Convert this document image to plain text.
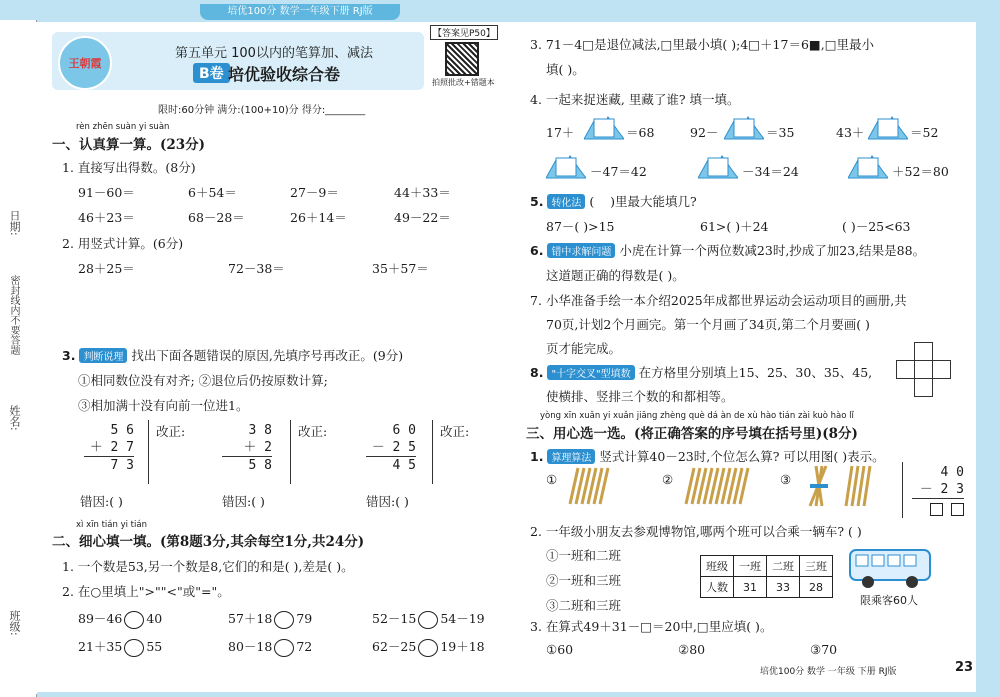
培优100分 数学一年级下册 RJ版
日期:
密封线内不要答题
姓名:
班级:
王朝霞
第五单元 100以内的笔算加、减法
B卷 培优验收综合卷
【答案见P50】
拍照批改+错题本
限时:60分钟 满分:(100+10)分 得分:________
rèn zhēn suàn yi suàn
一、认真算一算。(23分)
1. 直接写出得数。(8分)
91－60＝	6＋54＝	27－9＝	44＋33＝
46＋23＝	68－28＝	26＋14＝	49－22＝
2. 用竖式计算。(6分)
28＋25＝	72－38＝	35＋57＝
3. 判断说理 找出下面各题错误的原因,先填序号再改正。(9分)
①相同数位没有对齐; ②退位后仍按原数计算;
③相加满十没有向前一位进1。
5 6
＋ 2 7
7 3
改正:	3 8
＋ 2
5 8
改正:	6 0
－ 2 5
4 5
改正:
错因:( )	错因:( )	错因:( )
xì xīn tián yi tián
二、细心填一填。(第8题3分,其余每空1分,共24分)
1. 一个数是53,另一个数是8,它们的和是( ),差是( )。
2. 在○里填上">""<"或"="。
89－46 40	57＋18 79	52－15 54－19
21＋35 55	80－18 72	62－25 19＋18
3. 71－4□是退位减法,□里最小填( );4□＋17＝6■,□里最小
填( )。
4. 一起来捉迷藏, 里藏了谁? 填一填。
17＋	＝68	92－	＝35	43＋	＝52
－47＝42	－34＝24	＋52＝80
5. 转化法 (    )里最大能填几?
87－( )>15	61>( )＋24	( )－25<63
6. 错中求解问题 小虎在计算一个两位数减23时,抄成了加23,结果是88。
这道题正确的得数是( )。
7. 小华准备手绘一本介绍2025年成都世界运动会运动项目的画册,共
70页,计划2个月画完。第一个月画了34页,第二个月要画( )
页才能完成。
8. "十字交叉"型填数 在方格里分别填上15、25、30、35、45,
使横排、竖排三个数的和都相等。
yòng xīn xuǎn yi xuǎn jiāng zhèng què dá àn de xù hào tián zài kuò hào lǐ
三、用心选一选。(将正确答案的序号填在括号里)(8分)
1. 算理算法 竖式计算40－23时,个位怎么算? 可以用图( )表示。
①	②	③	4 0
－ 2 3

2. 一年级小朋友去参观博物馆,哪两个班可以合乘一辆车? ( )
①一班和二班
②一班和三班
③二班和三班
班级	一班	二班	三班
人数	31	33	28
限乘客60人
3. 在算式49＋31－□＝20中,□里应填( )。
①60	②80	③70
培优100分 数学 一年级 下册 RJ版	23
